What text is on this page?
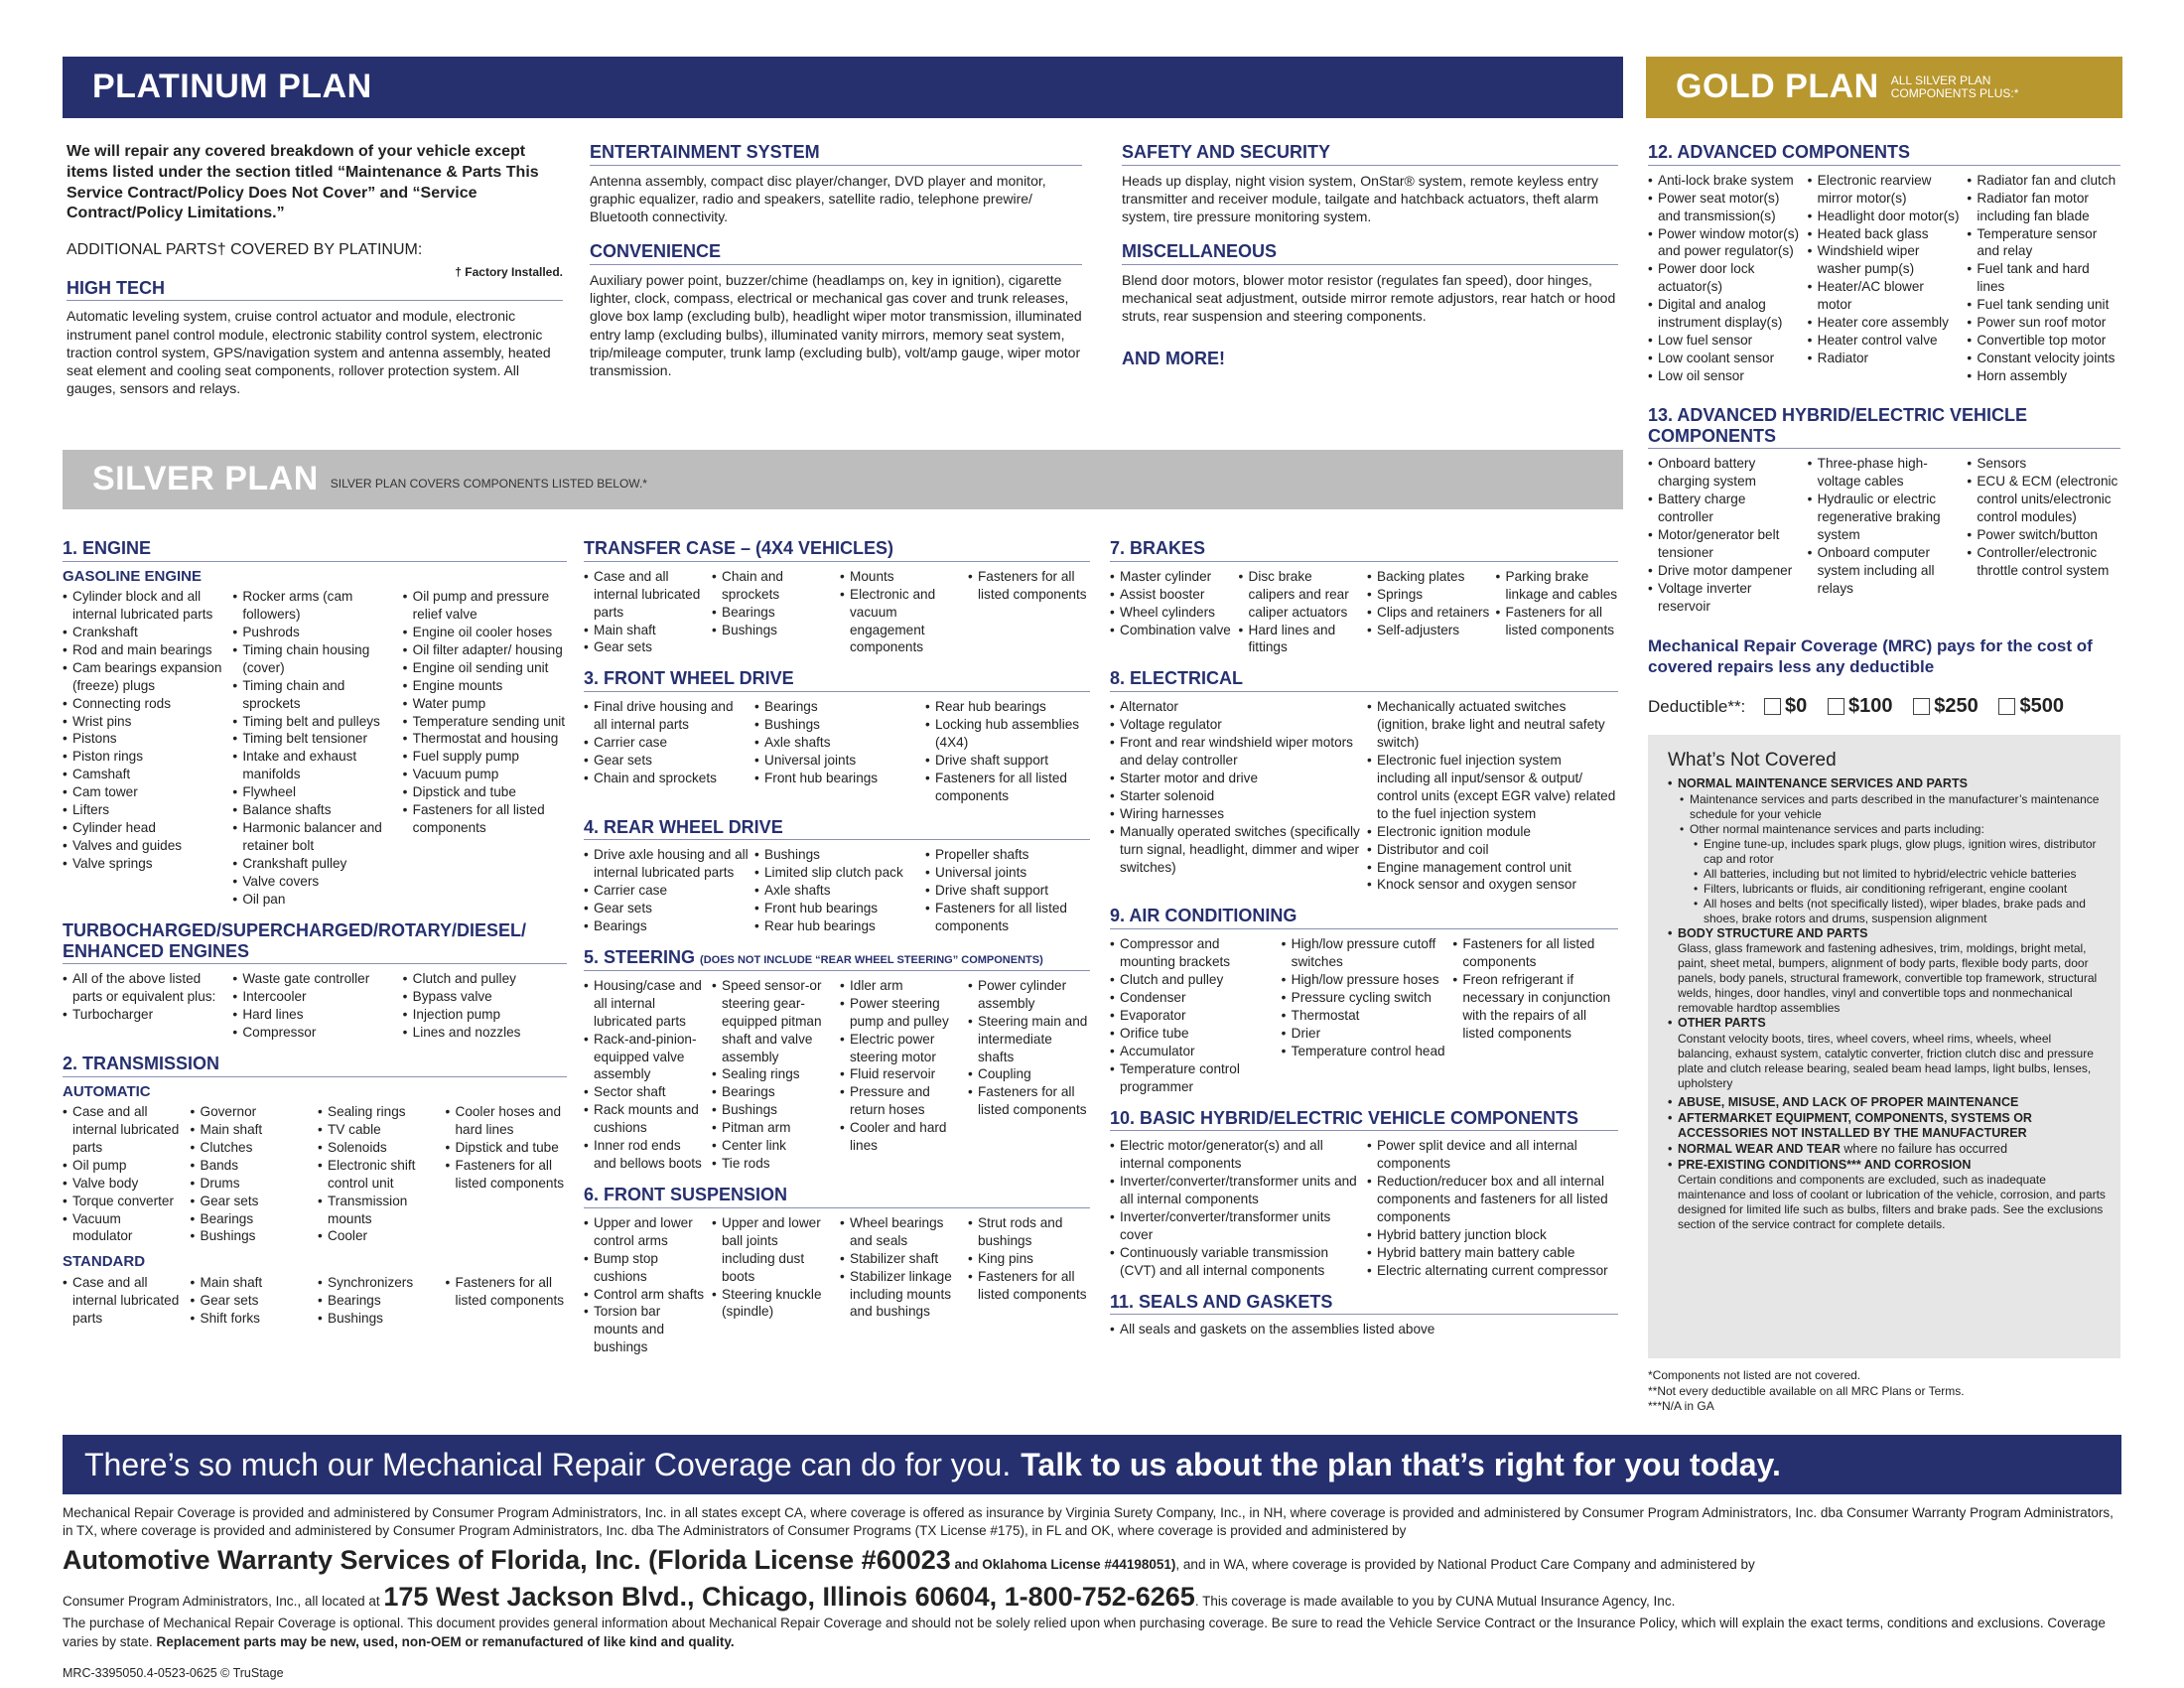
PLATINUM PLAN	GOLD PLAN ALL SILVER PLAN COMPONENTS PLUS:*
We will repair any covered breakdown of your vehicle except items listed under the section titled “Maintenance & Parts This Service Contract/Policy Does Not Cover” and “Service Contract/Policy Limitations.”
ADDITIONAL PARTS† COVERED BY PLATINUM:
† Factory Installed.
HIGH TECH
Automatic leveling system, cruise control actuator and module, electronic instrument panel control module, electronic stability control system, electronic traction control system, GPS/navigation system and antenna assembly, heated seat element and cooling seat components, rollover protection system. All gauges, sensors and relays.
ENTERTAINMENT SYSTEM
Antenna assembly, compact disc player/changer, DVD player and monitor, graphic equalizer, radio and speakers, satellite radio, telephone prewire/ Bluetooth connectivity.
CONVENIENCE
Auxiliary power point, buzzer/chime (headlamps on, key in ignition), cigarette lighter, clock, compass, electrical or mechanical gas cover and trunk releases, glove box lamp (excluding bulb), headlight wiper motor transmission, illuminated entry lamp (excluding bulbs), illuminated vanity mirrors, memory seat system, trip/mileage computer, trunk lamp (excluding bulb), volt/amp gauge, wiper motor transmission.
SAFETY AND SECURITY
Heads up display, night vision system, OnStar® system, remote keyless entry transmitter and receiver module, tailgate and hatchback actuators, theft alarm system, tire pressure monitoring system.
MISCELLANEOUS
Blend door motors, blower motor resistor (regulates fan speed), door hinges, mechanical seat adjustment, outside mirror remote adjustors, rear hatch or hood struts, rear suspension and steering components.
AND MORE!
12. ADVANCED COMPONENTS
• Anti-lock brake system
• Power seat motor(s) and transmission(s)
• Power window motor(s) and power regulator(s)
• Power door lock actuator(s)
• Digital and analog instrument display(s)
• Low fuel sensor
• Low coolant sensor
• Low oil sensor
• Electronic rearview mirror motor(s)
• Headlight door motor(s)
• Heated back glass
• Windshield wiper washer pump(s)
• Heater/AC blower motor
• Heater core assembly
• Heater control valve
• Radiator
• Radiator fan and clutch
• Radiator fan motor including fan blade
• Temperature sensor and relay
• Fuel tank and hard lines
• Fuel tank sending unit
• Power sun roof motor
• Convertible top motor
• Constant velocity joints
• Horn assembly
13. ADVANCED HYBRID/ELECTRIC VEHICLE COMPONENTS
• Onboard battery charging system
• Battery charge controller
• Motor/generator belt tensioner
• Drive motor dampener
• Voltage inverter reservoir
• Three-phase high-voltage cables
• Hydraulic or electric regenerative braking system
• Onboard computer system including all relays
• Sensors
• ECU & ECM (electronic control units/electronic control modules)
• Power switch/button
• Controller/electronic throttle control system
Mechanical Repair Coverage (MRC) pays for the cost of covered repairs less any deductible
Deductible**: $0 $100 $250 $500
What’s Not Covered
• NORMAL MAINTENANCE SERVICES AND PARTS
• Maintenance services and parts described in the manufacturer’s maintenance schedule for your vehicle
• Other normal maintenance services and parts including:
• Engine tune-up, includes spark plugs, glow plugs, ignition wires, distributor cap and rotor
• All batteries, including but not limited to hybrid/electric vehicle batteries
• Filters, lubricants or fluids, air conditioning refrigerant, engine coolant
• All hoses and belts (not specifically listed), wiper blades, brake pads and shoes, brake rotors and drums, suspension alignment
• BODY STRUCTURE AND PARTS

Glass, glass framework and fastening adhesives, trim, moldings, bright metal, paint, sheet metal, bumpers, alignment of body parts, flexible body parts, door panels, body panels, structural framework, convertible top framework, structural welds, hinges, door handles, vinyl and convertible tops and nonmechanical removable hardtop assemblies

• OTHER PARTS

Constant velocity boots, tires, wheel covers, wheel rims, wheels, wheel balancing, exhaust system, catalytic converter, friction clutch disc and pressure plate and clutch release bearing, sealed beam head lamps, light bulbs, lenses, upholstery

• ABUSE, MISUSE, AND LACK OF PROPER MAINTENANCE
• AFTERMARKET EQUIPMENT, COMPONENTS, SYSTEMS OR ACCESSORIES NOT INSTALLED BY THE MANUFACTURER
• NORMAL WEAR AND TEAR where no failure has occurred
• PRE-EXISTING CONDITIONS*** AND CORROSION

Certain conditions and components are excluded, such as inadequate maintenance and loss of coolant or lubrication of the vehicle, corrosion, and parts designed for limited life such as bulbs, filters and brake pads. See the exclusions section of the service contract for complete details.

*Components not listed are not covered.
**Not every deductible available on all MRC Plans or Terms.
***N/A in GA
SILVER PLAN SILVER PLAN COVERS COMPONENTS LISTED BELOW.*
1. ENGINE
GASOLINE ENGINE
• Cylinder block and all internal lubricated parts
• Crankshaft
• Rod and main bearings
• Cam bearings expansion (freeze) plugs
• Connecting rods
• Wrist pins
• Pistons
• Piston rings
• Camshaft
• Cam tower
• Lifters
• Cylinder head
• Valves and guides
• Valve springs
• Rocker arms (cam followers)
• Pushrods
• Timing chain housing (cover)
• Timing chain and sprockets
• Timing belt and pulleys
• Timing belt tensioner
• Intake and exhaust manifolds
• Flywheel
• Balance shafts
• Harmonic balancer and retainer bolt
• Crankshaft pulley
• Valve covers
• Oil pan
• Oil pump and pressure relief valve
• Engine oil cooler hoses
• Oil filter adapter/ housing
• Engine oil sending unit
• Engine mounts
• Water pump
• Temperature sending unit
• Thermostat and housing
• Fuel supply pump
• Vacuum pump
• Dipstick and tube
• Fasteners for all listed components
TURBOCHARGED/SUPERCHARGED/ROTARY/DIESEL/ ENHANCED ENGINES
• All of the above listed parts or equivalent plus:
• Turbocharger
• Waste gate controller
• Intercooler
• Hard lines
• Compressor
• Clutch and pulley
• Bypass valve
• Injection pump
• Lines and nozzles
2. TRANSMISSION
AUTOMATIC
• Case and all internal lubricated parts
• Oil pump
• Valve body
• Torque converter
• Vacuum modulator
• Governor
• Main shaft
• Clutches
• Bands
• Drums
• Gear sets
• Bearings
• Bushings
• Sealing rings
• TV cable
• Solenoids
• Electronic shift control unit
• Transmission mounts
• Cooler
• Cooler hoses and hard lines
• Dipstick and tube
• Fasteners for all listed components
STANDARD
• Case and all internal lubricated parts
• Main shaft
• Gear sets
• Shift forks
• Synchronizers
• Bearings
• Bushings
• Fasteners for all listed components
TRANSFER CASE – (4X4 VEHICLES)
• Case and all internal lubricated parts
• Main shaft
• Gear sets
• Chain and sprockets
• Bearings
• Bushings
• Mounts
• Electronic and vacuum engagement components
• Fasteners for all listed components
3. FRONT WHEEL DRIVE
• Final drive housing and all internal parts
• Carrier case
• Gear sets
• Chain and sprockets
• Bearings
• Bushings
• Axle shafts
• Universal joints
• Front hub bearings
• Rear hub bearings
• Locking hub assemblies (4X4)
• Drive shaft support
• Fasteners for all listed components
4. REAR WHEEL DRIVE
• Drive axle housing and all internal lubricated parts
• Carrier case
• Gear sets
• Bearings
• Bushings
• Limited slip clutch pack
• Axle shafts
• Front hub bearings
• Rear hub bearings
• Propeller shafts
• Universal joints
• Drive shaft support
• Fasteners for all listed components
5. STEERING (DOES NOT INCLUDE “REAR WHEEL STEERING” COMPONENTS)
• Housing/case and all internal lubricated parts
• Rack-and-pinion-equipped valve assembly
• Sector shaft
• Rack mounts and cushions
• Inner rod ends and bellows boots
• Speed sensor-or steering gear-equipped pitman shaft and valve assembly
• Sealing rings
• Bearings
• Bushings
• Pitman arm
• Center link
• Tie rods
• Idler arm
• Power steering pump and pulley
• Electric power steering motor
• Fluid reservoir
• Pressure and return hoses
• Cooler and hard lines
• Power cylinder assembly
• Steering main and intermediate shafts
• Coupling
• Fasteners for all listed components
6. FRONT SUSPENSION
• Upper and lower control arms
• Bump stop cushions
• Control arm shafts
• Torsion bar mounts and bushings
• Upper and lower ball joints including dust boots
• Steering knuckle (spindle)
• Wheel bearings and seals
• Stabilizer shaft
• Stabilizer linkage including mounts and bushings
• Strut rods and bushings
• King pins
• Fasteners for all listed components
7. BRAKES
• Master cylinder
• Assist booster
• Wheel cylinders
• Combination valve
• Disc brake calipers and rear caliper actuators
• Hard lines and fittings
• Backing plates
• Springs
• Clips and retainers
• Self-adjusters
• Parking brake linkage and cables
• Fasteners for all listed components
8. ELECTRICAL
• Alternator
• Voltage regulator
• Front and rear windshield wiper motors and delay controller
• Starter motor and drive
• Starter solenoid
• Wiring harnesses
• Manually operated switches (specifically turn signal, headlight, dimmer and wiper switches)
• Mechanically actuated switches (ignition, brake light and neutral safety switch)
• Electronic fuel injection system including all input/sensor & output/ control units (except EGR valve) related to the fuel injection system
• Electronic ignition module
• Distributor and coil
• Engine management control unit
• Knock sensor and oxygen sensor
9. AIR CONDITIONING
• Compressor and mounting brackets
• Clutch and pulley
• Condenser
• Evaporator
• Orifice tube
• Accumulator
• Temperature control programmer
• High/low pressure cutoff switches
• High/low pressure hoses
• Pressure cycling switch
• Thermostat
• Drier
• Temperature control head
• Fasteners for all listed components
• Freon refrigerant if necessary in conjunction with the repairs of all listed components
10. BASIC HYBRID/ELECTRIC VEHICLE COMPONENTS
• Electric motor/generator(s) and all internal components
• Inverter/converter/transformer units and all internal components
• Inverter/converter/transformer units cover
• Continuously variable transmission (CVT) and all internal components
• Power split device and all internal components
• Reduction/reducer box and all internal components and fasteners for all listed components
• Hybrid battery junction block
• Hybrid battery main battery cable
• Electric alternating current compressor
11. SEALS AND GASKETS
• All seals and gaskets on the assemblies listed above
There’s so much our Mechanical Repair Coverage can do for you. Talk to us about the plan that’s right for you today.
Mechanical Repair Coverage is provided and administered by Consumer Program Administrators, Inc. in all states except CA, where coverage is offered as insurance by Virginia Surety Company, Inc., in NH, where coverage is provided and administered by Consumer Program Administrators, Inc. dba Consumer Warranty Program Administrators, in TX, where coverage is provided and administered by Consumer Program Administrators, Inc. dba The Administrators of Consumer Programs (TX License #175), in FL and OK, where coverage is provided and administered by
Automotive Warranty Services of Florida, Inc. (Florida License #60023 and Oklahoma License #44198051), and in WA, where coverage is provided by National Product Care Company and administered by
Consumer Program Administrators, Inc., all located at 175 West Jackson Blvd., Chicago, Illinois 60604, 1-800-752-6265. This coverage is made available to you by CUNA Mutual Insurance Agency, Inc.
The purchase of Mechanical Repair Coverage is optional. This document provides general information about Mechanical Repair Coverage and should not be solely relied upon when purchasing coverage. Be sure to read the Vehicle Service Contract or the Insurance Policy, which will explain the exact terms, conditions and exclusions. Coverage varies by state. Replacement parts may be new, used, non-OEM or remanufactured of like kind and quality.
MRC-3395050.4-0523-0625 © TruStage
